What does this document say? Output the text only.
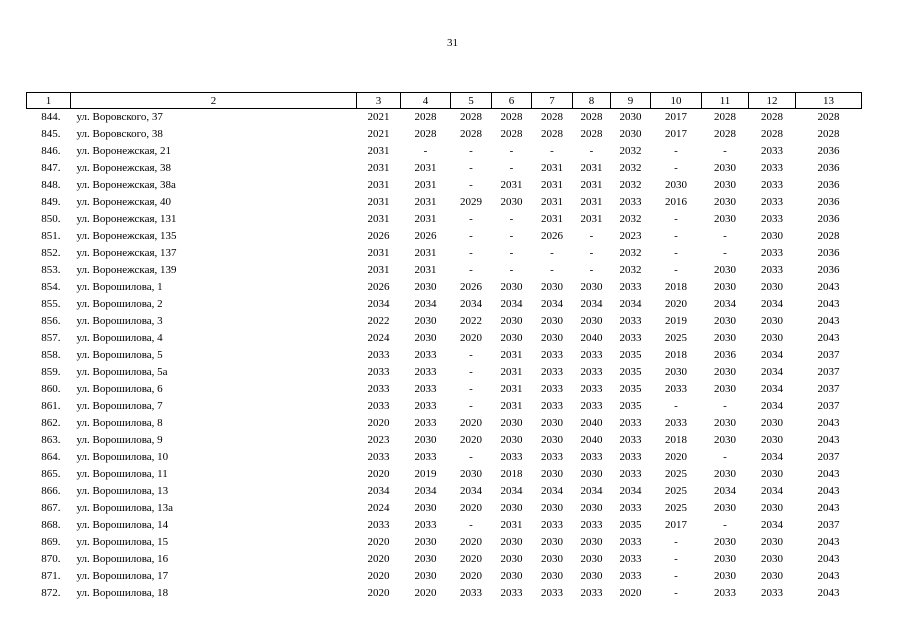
31
1	2	3	4	5	6	7	8	9	10	11	12	13
844.	ул. Воровского, 37	2021	2028	2028	2028	2028	2028	2030	2017	2028	2028	2028
845.	ул. Воровского, 38	2021	2028	2028	2028	2028	2028	2030	2017	2028	2028	2028
846.	ул. Воронежская, 21	2031	-	-	-	-	-	2032	-	-	2033	2036
847.	ул. Воронежская, 38	2031	2031	-	-	2031	2031	2032	-	2030	2033	2036
848.	ул. Воронежская, 38а	2031	2031	-	2031	2031	2031	2032	2030	2030	2033	2036
849.	ул. Воронежская, 40	2031	2031	2029	2030	2031	2031	2033	2016	2030	2033	2036
850.	ул. Воронежская, 131	2031	2031	-	-	2031	2031	2032	-	2030	2033	2036
851.	ул. Воронежская, 135	2026	2026	-	-	2026	-	2023	-	-	2030	2028
852.	ул. Воронежская, 137	2031	2031	-	-	-	-	2032	-	-	2033	2036
853.	ул. Воронежская, 139	2031	2031	-	-	-	-	2032	-	2030	2033	2036
854.	ул. Ворошилова, 1	2026	2030	2026	2030	2030	2030	2033	2018	2030	2030	2043
855.	ул. Ворошилова, 2	2034	2034	2034	2034	2034	2034	2034	2020	2034	2034	2043
856.	ул. Ворошилова, 3	2022	2030	2022	2030	2030	2030	2033	2019	2030	2030	2043
857.	ул. Ворошилова, 4	2024	2030	2020	2030	2030	2040	2033	2025	2030	2030	2043
858.	ул. Ворошилова, 5	2033	2033	-	2031	2033	2033	2035	2018	2036	2034	2037
859.	ул. Ворошилова, 5а	2033	2033	-	2031	2033	2033	2035	2030	2030	2034	2037
860.	ул. Ворошилова, 6	2033	2033	-	2031	2033	2033	2035	2033	2030	2034	2037
861.	ул. Ворошилова, 7	2033	2033	-	2031	2033	2033	2035	-	-	2034	2037
862.	ул. Ворошилова, 8	2020	2033	2020	2030	2030	2040	2033	2033	2030	2030	2043
863.	ул. Ворошилова, 9	2023	2030	2020	2030	2030	2040	2033	2018	2030	2030	2043
864.	ул. Ворошилова, 10	2033	2033	-	2033	2033	2033	2033	2020	-	2034	2037
865.	ул. Ворошилова, 11	2020	2019	2030	2018	2030	2030	2033	2025	2030	2030	2043
866.	ул. Ворошилова, 13	2034	2034	2034	2034	2034	2034	2034	2025	2034	2034	2043
867.	ул. Ворошилова, 13а	2024	2030	2020	2030	2030	2030	2033	2025	2030	2030	2043
868.	ул. Ворошилова, 14	2033	2033	-	2031	2033	2033	2035	2017	-	2034	2037
869.	ул. Ворошилова, 15	2020	2030	2020	2030	2030	2030	2033	-	2030	2030	2043
870.	ул. Ворошилова, 16	2020	2030	2020	2030	2030	2030	2033	-	2030	2030	2043
871.	ул. Ворошилова, 17	2020	2030	2020	2030	2030	2030	2033	-	2030	2030	2043
872.	ул. Ворошилова, 18	2020	2020	2033	2033	2033	2033	2020	-	2033	2033	2043
